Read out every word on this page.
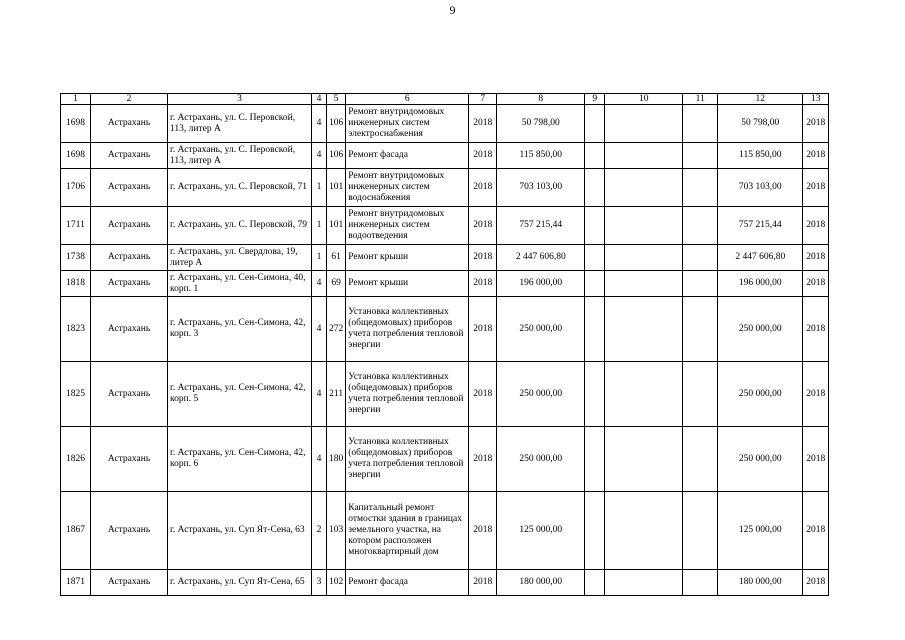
9
1	2	3	4	5	6	7	8	9	10	11	12	13
1698	Астрахань	г. Астрахань, ул. С. Перовской, 113, литер А	4	106	Ремонт внутридомовых инженерных систем электроснабжения	2018	50 798,00				50 798,00	2018
1698	Астрахань	г. Астрахань, ул. С. Перовской, 113, литер А	4	106	Ремонт фасада	2018	115 850,00				115 850,00	2018
1706	Астрахань	г. Астрахань, ул. С. Перовской, 71	1	101	Ремонт внутридомовых инженерных систем водоснабжения	2018	703 103,00				703 103,00	2018
1711	Астрахань	г. Астрахань, ул. С. Перовской, 79	1	101	Ремонт внутридомовых инженерных систем водоотведения	2018	757 215,44				757 215,44	2018
1738	Астрахань	г. Астрахань, ул. Свердлова, 19, литер А	1	61	Ремонт крыши	2018	2 447 606,80				2 447 606,80	2018
1818	Астрахань	г. Астрахань, ул. Сен-Симона, 40, корп. 1	4	69	Ремонт крыши	2018	196 000,00				196 000,00	2018
1823	Астрахань	г. Астрахань, ул. Сен-Симона, 42, корп. 3	4	272	Установка коллективных (общедомовых) приборов учета потребления тепловой энергии	2018	250 000,00				250 000,00	2018
1825	Астрахань	г. Астрахань, ул. Сен-Симона, 42, корп. 5	4	211	Установка коллективных (общедомовых) приборов учета потребления тепловой энергии	2018	250 000,00				250 000,00	2018
1826	Астрахань	г. Астрахань, ул. Сен-Симона, 42, корп. 6	4	180	Установка коллективных (общедомовых) приборов учета потребления тепловой энергии	2018	250 000,00				250 000,00	2018
1867	Астрахань	г. Астрахань, ул. Суп Ят-Сена, 63	2	103	Капитальный ремонт отмостки здания в границах земельного участка, на котором расположен многоквартирный дом	2018	125 000,00				125 000,00	2018
1871	Астрахань	г. Астрахань, ул. Суп Ят-Сена, 65	3	102	Ремонт фасада	2018	180 000,00				180 000,00	2018
